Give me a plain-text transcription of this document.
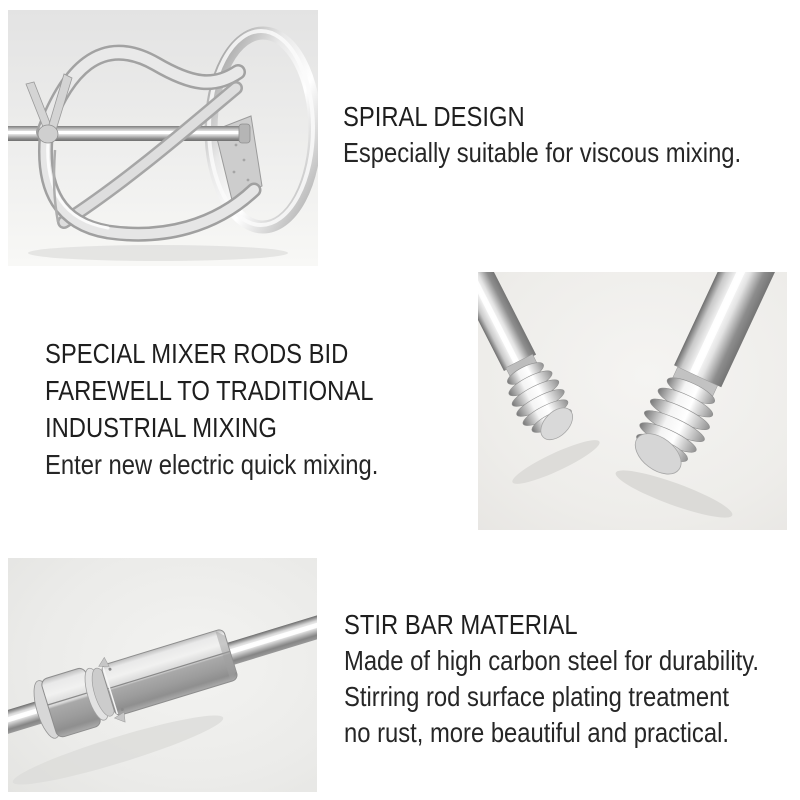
SPIRAL DESIGN

Especially suitable for viscous mixing.

SPECIAL MIXER RODS BID
FAREWELL TO TRADITIONAL
INDUSTRIAL MIXING

Enter new electric quick mixing.

STIR BAR MATERIAL

Made of high carbon steel for durability.

Stirring rod surface plating treatment

no rust, more beautiful and practical.
